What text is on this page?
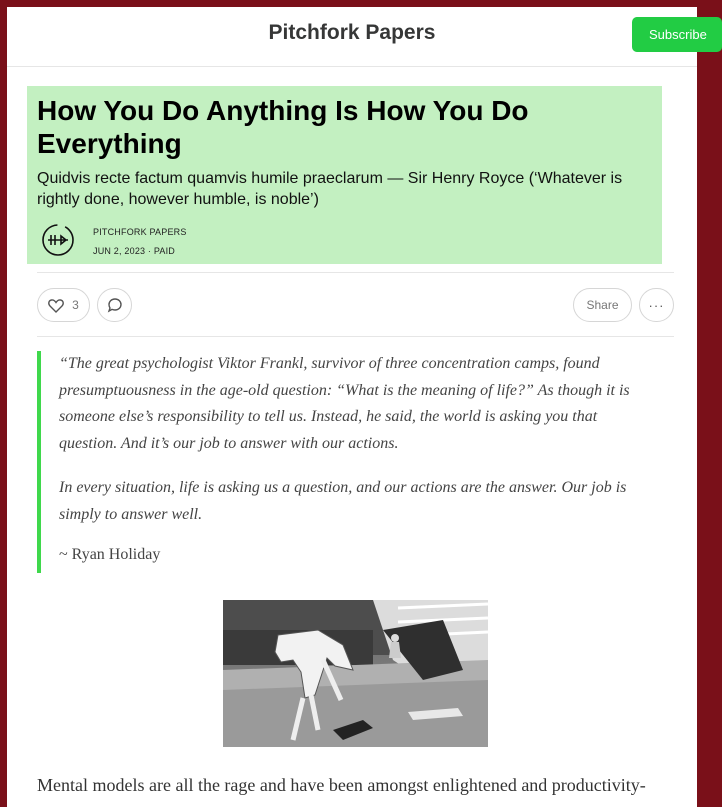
Pitchfork Papers	Subscribe
How You Do Anything Is How You Do Everything

Quidvis recte factum quamvis humile praeclarum — Sir Henry Royce (‘Whatever is rightly done, however humble, is noble’)

PITCHFORK PAPERS
JUN 2, 2023 · PAID
3	Share	···

“The great psychologist Viktor Frankl, survivor of three concentration camps, found presumptuousness in the age-old question: “What is the meaning of life?” As though it is someone else’s responsibility to tell us. Instead, he said, the world is asking you that question. And it’s our job to answer with our actions.

In every situation, life is asking us a question, and our actions are the answer. Our job is simply to answer well.

~ Ryan Holiday
Mental models are all the rage and have been amongst enlightened and productivity-
